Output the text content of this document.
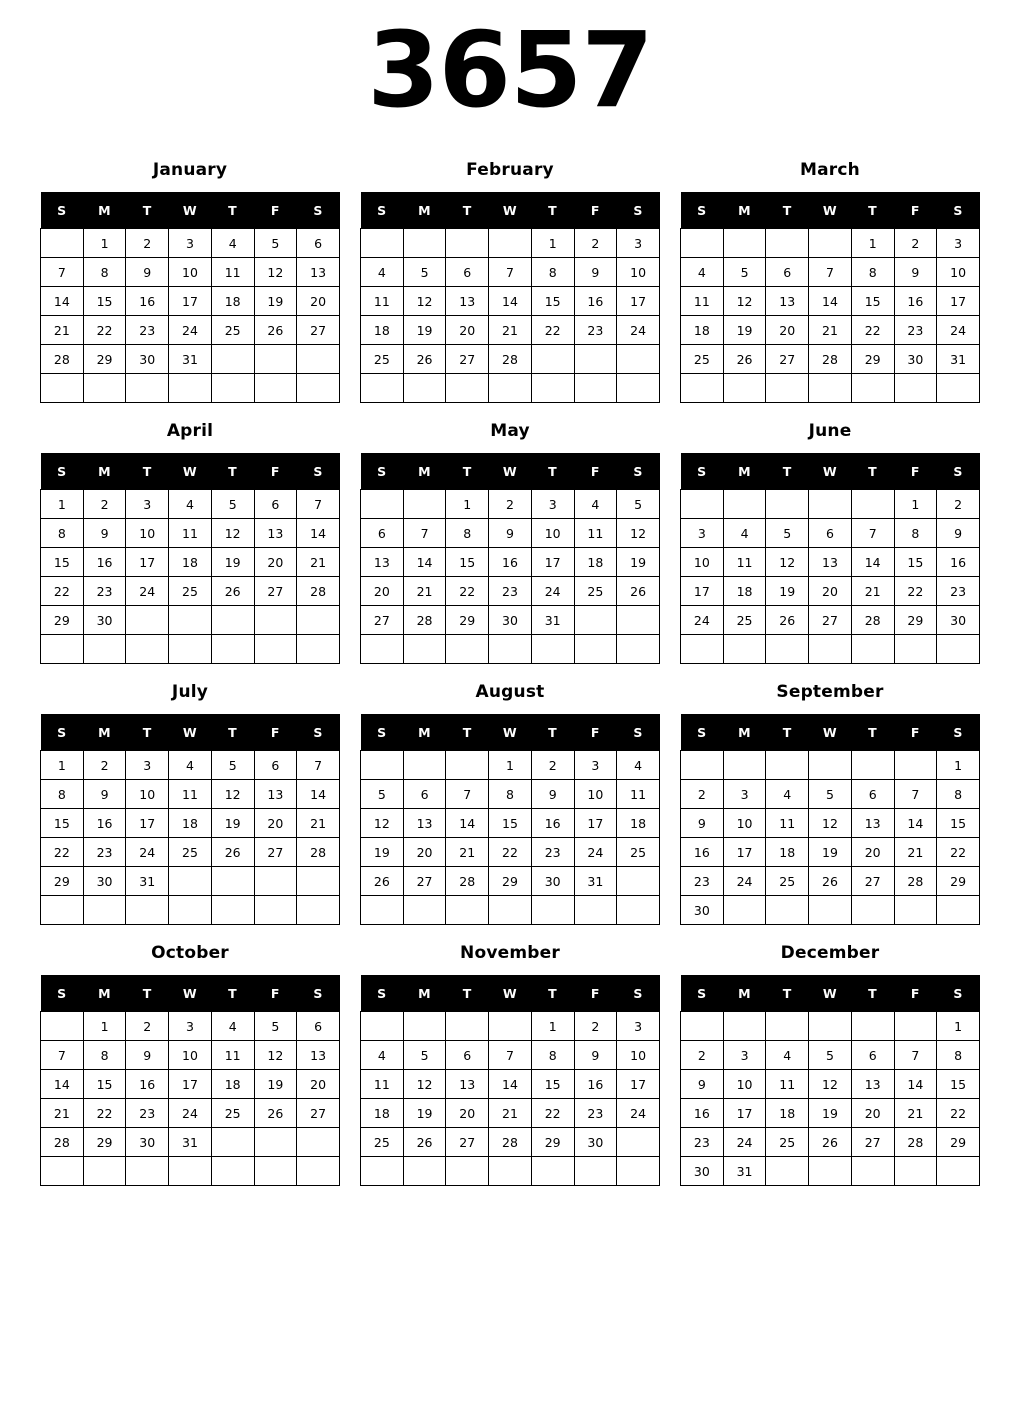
3657
January
S	M	T	W	T	F	S
	1	2	3	4	5	6
7	8	9	10	11	12	13
14	15	16	17	18	19	20
21	22	23	24	25	26	27
28	29	30	31			

February
S	M	T	W	T	F	S
				1	2	3
4	5	6	7	8	9	10
11	12	13	14	15	16	17
18	19	20	21	22	23	24
25	26	27	28			

March
S	M	T	W	T	F	S
				1	2	3
4	5	6	7	8	9	10
11	12	13	14	15	16	17
18	19	20	21	22	23	24
25	26	27	28	29	30	31

April
S	M	T	W	T	F	S
1	2	3	4	5	6	7
8	9	10	11	12	13	14
15	16	17	18	19	20	21
22	23	24	25	26	27	28
29	30					

May
S	M	T	W	T	F	S
		1	2	3	4	5
6	7	8	9	10	11	12
13	14	15	16	17	18	19
20	21	22	23	24	25	26
27	28	29	30	31		

June
S	M	T	W	T	F	S
					1	2
3	4	5	6	7	8	9
10	11	12	13	14	15	16
17	18	19	20	21	22	23
24	25	26	27	28	29	30

July
S	M	T	W	T	F	S
1	2	3	4	5	6	7
8	9	10	11	12	13	14
15	16	17	18	19	20	21
22	23	24	25	26	27	28
29	30	31				

August
S	M	T	W	T	F	S
			1	2	3	4
5	6	7	8	9	10	11
12	13	14	15	16	17	18
19	20	21	22	23	24	25
26	27	28	29	30	31	

September
S	M	T	W	T	F	S
						1
2	3	4	5	6	7	8
9	10	11	12	13	14	15
16	17	18	19	20	21	22
23	24	25	26	27	28	29
30						
October
S	M	T	W	T	F	S
	1	2	3	4	5	6
7	8	9	10	11	12	13
14	15	16	17	18	19	20
21	22	23	24	25	26	27
28	29	30	31			

November
S	M	T	W	T	F	S
				1	2	3
4	5	6	7	8	9	10
11	12	13	14	15	16	17
18	19	20	21	22	23	24
25	26	27	28	29	30	

December
S	M	T	W	T	F	S
						1
2	3	4	5	6	7	8
9	10	11	12	13	14	15
16	17	18	19	20	21	22
23	24	25	26	27	28	29
30	31					
